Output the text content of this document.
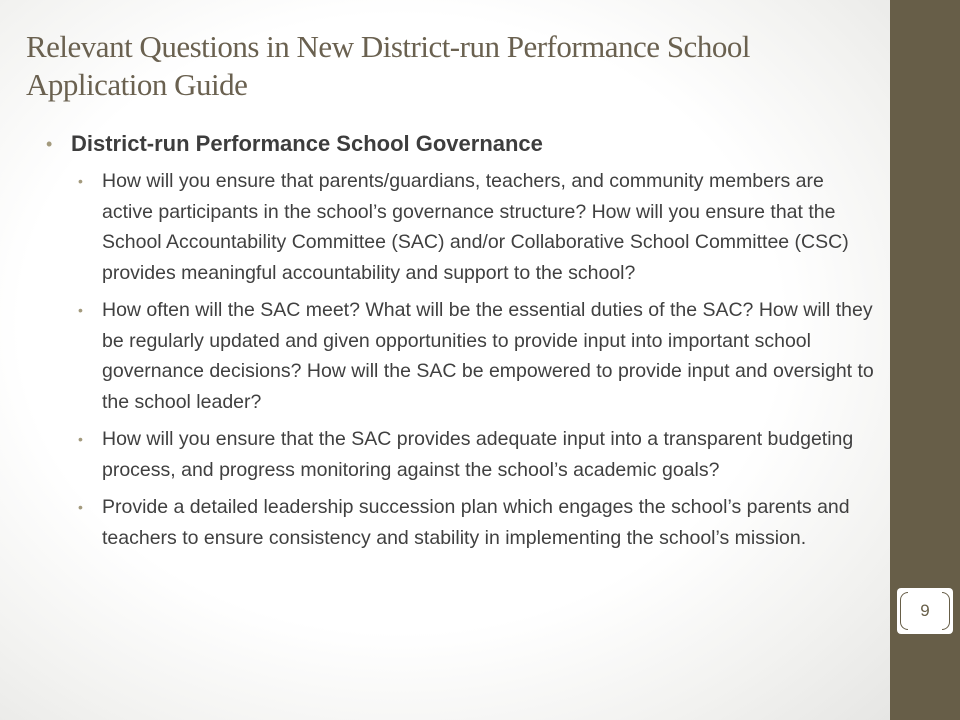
Relevant Questions in New District-run Performance School Application Guide
• District-run Performance School Governance
• How will you ensure that parents/guardians, teachers, and community members are active participants in the school’s governance structure? How will you ensure that the School Accountability Committee (SAC) and/or Collaborative School Committee (CSC) provides meaningful accountability and support to the school?
• How often will the SAC meet? What will be the essential duties of the SAC? How will they be regularly updated and given opportunities to provide input into important school governance decisions? How will the SAC be empowered to provide input and oversight to the school leader?
• How will you ensure that the SAC provides adequate input into a transparent budgeting process, and progress monitoring against the school’s academic goals?
• Provide a detailed leadership succession plan which engages the school’s parents and teachers to ensure consistency and stability in implementing the school’s mission.
9
